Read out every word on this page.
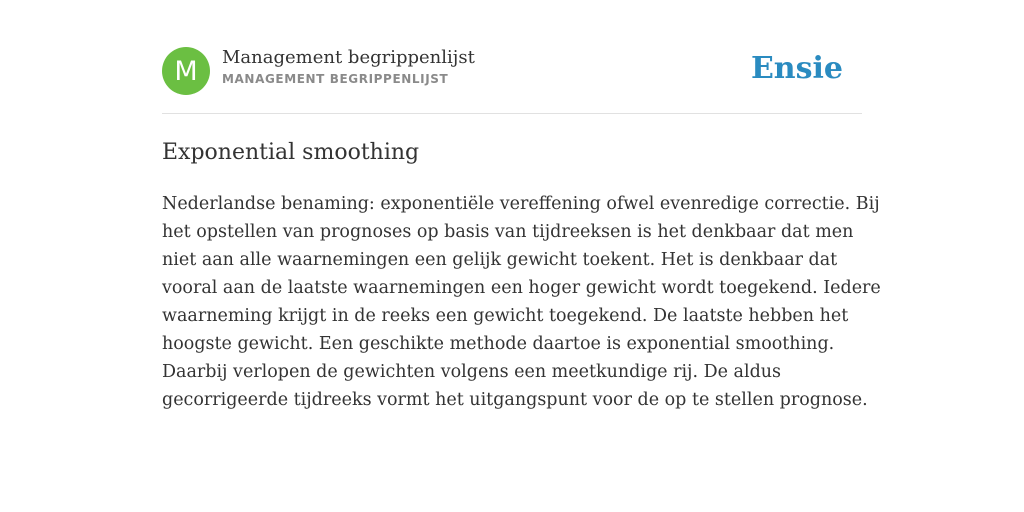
M	Management begrippenlijst
MANAGEMENT BEGRIPPENLIJST	Ensie
Exponential smoothing

Nederlandse benaming: exponentiële vereffening ofwel evenredige correctie. Bij
het opstellen van prognoses op basis van tijdreeksen is het denkbaar dat men
niet aan alle waarnemingen een gelijk gewicht toekent. Het is denkbaar dat
vooral aan de laatste waarnemingen een hoger gewicht wordt toegekend. Iedere
waarneming krijgt in de reeks een gewicht toegekend. De laatste hebben het
hoogste gewicht. Een geschikte methode daartoe is exponential smoothing.
Daarbij verlopen de gewichten volgens een meetkundige rij. De aldus
gecorrigeerde tijdreeks vormt het uitgangspunt voor de op te stellen prognose.
